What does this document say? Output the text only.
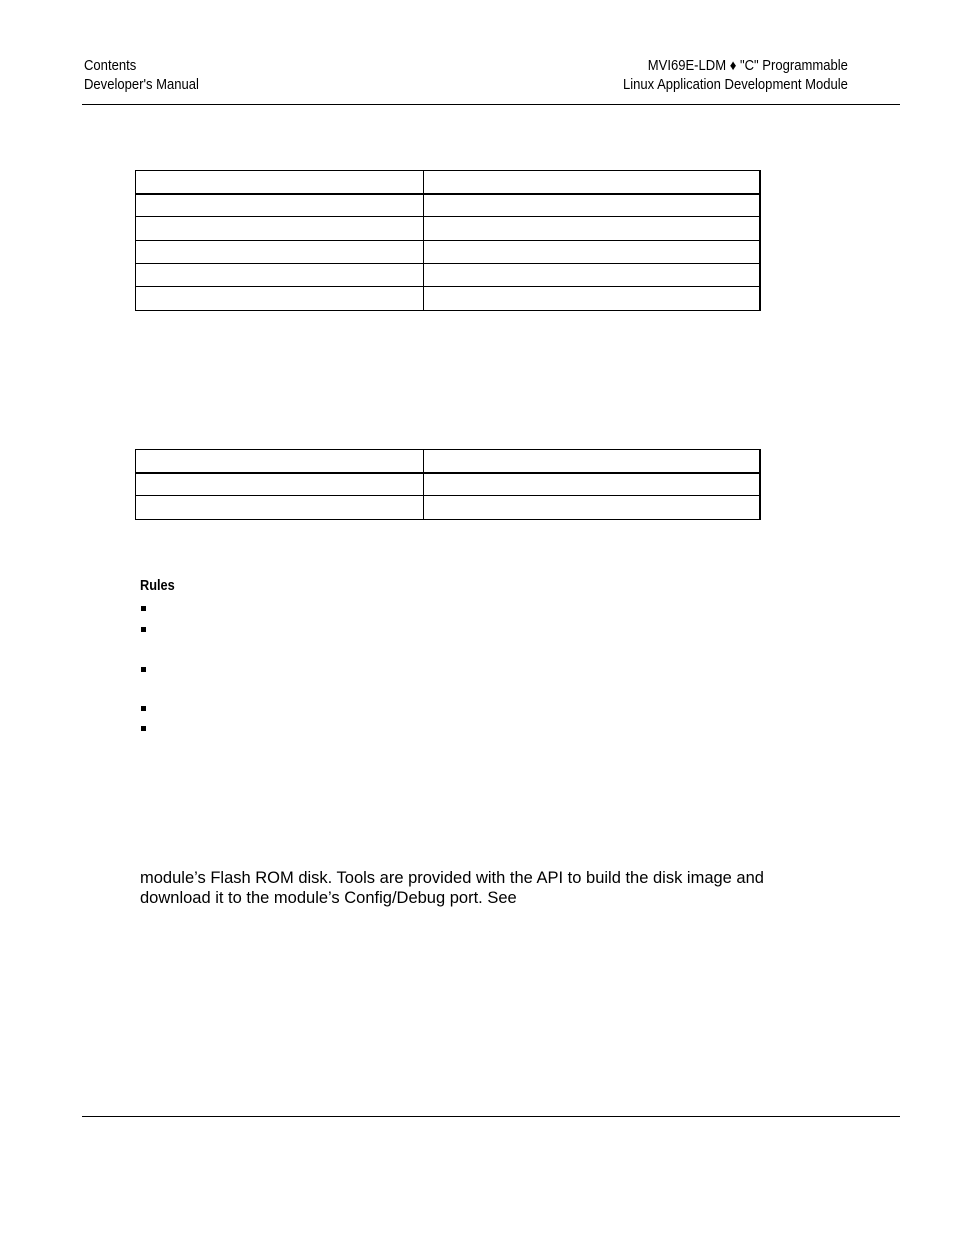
Contents
Developer's Manual
MVI69E-LDM ♦ "C" Programmable
Linux Application Development Module

Rules
module’s Flash ROM disk. Tools are provided with the API to build the disk image and
download it to the module’s Config/Debug port. See
